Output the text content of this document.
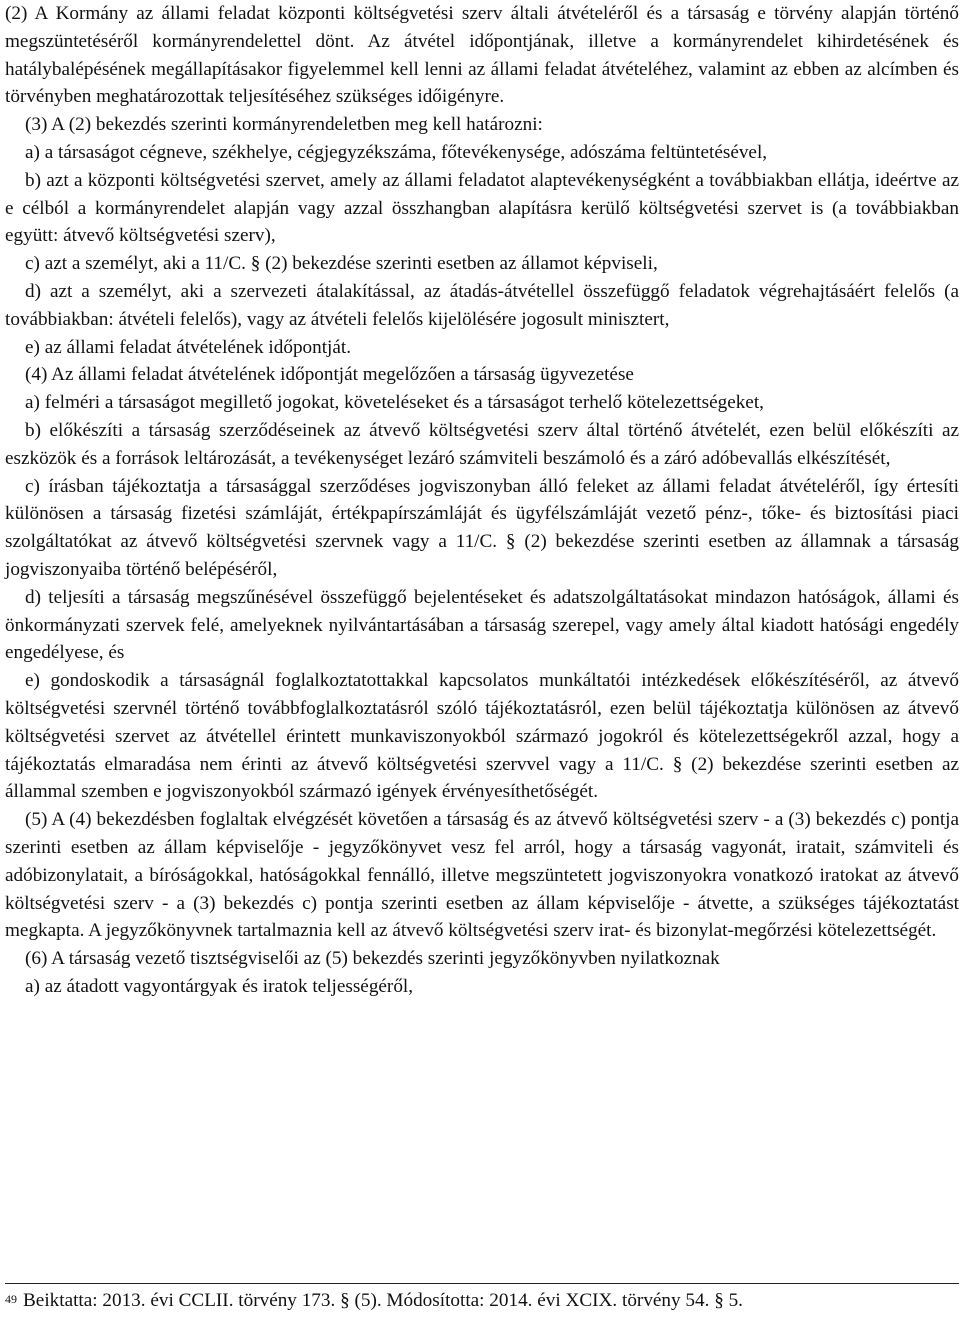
(2) A Kormány az állami feladat központi költségvetési szerv általi átvételéről és a társaság e törvény alapján történő megszüntetéséről kormányrendelettel dönt. Az átvétel időpontjának, illetve a kormányrendelet kihirdetésének és hatálybalépésének megállapításakor figyelemmel kell lenni az állami feladat átvételéhez, valamint az ebben az alcímben és törvényben meghatározottak teljesítéséhez szükséges időigényre.

(3) A (2) bekezdés szerinti kormányrendeletben meg kell határozni:

a) a társaságot cégneve, székhelye, cégjegyzékszáma, főtevékenysége, adószáma feltüntetésével,

b) azt a központi költségvetési szervet, amely az állami feladatot alaptevékenységként a továbbiakban ellátja, ideértve az e célból a kormányrendelet alapján vagy azzal összhangban alapításra kerülő költségvetési szervet is (a továbbiakban együtt: átvevő költségvetési szerv),

c) azt a személyt, aki a 11/C. § (2) bekezdése szerinti esetben az államot képviseli,

d) azt a személyt, aki a szervezeti átalakítással, az átadás-átvétellel összefüggő feladatok végrehajtásáért felelős (a továbbiakban: átvételi felelős), vagy az átvételi felelős kijelölésére jogosult minisztert,

e) az állami feladat átvételének időpontját.

(4) Az állami feladat átvételének időpontját megelőzően a társaság ügyvezetése

a) felméri a társaságot megillető jogokat, követeléseket és a társaságot terhelő kötelezettségeket,

b) előkészíti a társaság szerződéseinek az átvevő költségvetési szerv által történő átvételét, ezen belül előkészíti az eszközök és a források leltározását, a tevékenységet lezáró számviteli beszámoló és a záró adóbevallás elkészítését,

c) írásban tájékoztatja a társasággal szerződéses jogviszonyban álló feleket az állami feladat átvételéről, így értesíti különösen a társaság fizetési számláját, értékpapírszámláját és ügyfélszámláját vezető pénz-, tőke- és biztosítási piaci szolgáltatókat az átvevő költségvetési szervnek vagy a 11/C. § (2) bekezdése szerinti esetben az államnak a társaság jogviszonyaiba történő belépéséről,

d) teljesíti a társaság megszűnésével összefüggő bejelentéseket és adatszolgáltatásokat mindazon hatóságok, állami és önkormányzati szervek felé, amelyeknek nyilvántartásában a társaság szerepel, vagy amely által kiadott hatósági engedély engedélyese, és

e) gondoskodik a társaságnál foglalkoztatottakkal kapcsolatos munkáltatói intézkedések előkészítéséről, az átvevő költségvetési szervnél történő továbbfoglalkoztatásról szóló tájékoztatásról, ezen belül tájékoztatja különösen az átvevő költségvetési szervet az átvétellel érintett munkaviszonyokból származó jogokról és kötelezettségekről azzal, hogy a tájékoztatás elmaradása nem érinti az átvevő költségvetési szervvel vagy a 11/C. § (2) bekezdése szerinti esetben az állammal szemben e jogviszonyokból származó igények érvényesíthetőségét.

(5) A (4) bekezdésben foglaltak elvégzését követően a társaság és az átvevő költségvetési szerv - a (3) bekezdés c) pontja szerinti esetben az állam képviselője - jegyzőkönyvet vesz fel arról, hogy a társaság vagyonát, iratait, számviteli és adóbizonylatait, a bíróságokkal, hatóságokkal fennálló, illetve megszüntetett jogviszonyokra vonatkozó iratokat az átvevő költségvetési szerv - a (3) bekezdés c) pontja szerinti esetben az állam képviselője - átvette, a szükséges tájékoztatást megkapta. A jegyzőkönyvnek tartalmaznia kell az átvevő költségvetési szerv irat- és bizonylat-megőrzési kötelezettségét.

(6) A társaság vezető tisztségviselői az (5) bekezdés szerinti jegyzőkönyvben nyilatkoznak

a) az átadott vagyontárgyak és iratok teljességéről,

$^{49}$ Beiktatta: 2013. évi CCLII. törvény 173. § (5). Módosította: 2014. évi XCIX. törvény 54. § 5.
